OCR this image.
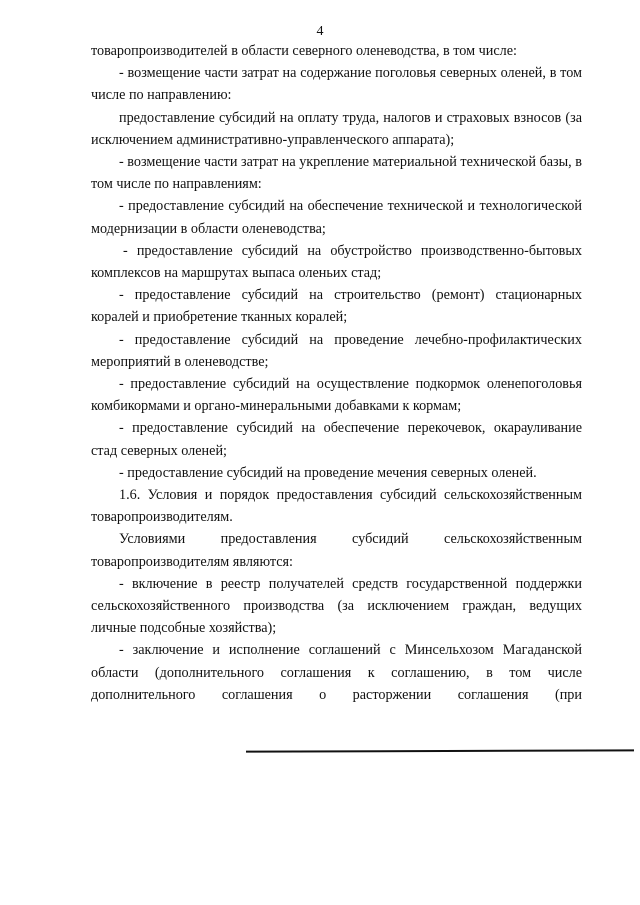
4

товаропроизводителей в области северного оленеводства, в том числе:

- возмещение части затрат на содержание поголовья северных оленей, в том числе по направлению:

предоставление субсидий на оплату труда, налогов и страховых взносов (за исключением административно-управленческого аппарата);

- возмещение части затрат на укрепление материальной технической базы, в том числе по направлениям:

- предоставление субсидий на обеспечение технической и технологической модернизации в области оленеводства;

- предоставление субсидий на обустройство производственно-бытовых комплексов на маршрутах выпаса оленьих стад;

- предоставление субсидий на строительство (ремонт) стационарных коралей и приобретение тканных коралей;

- предоставление субсидий на проведение лечебно-профилактических мероприятий в оленеводстве;

- предоставление субсидий на осуществление подкормок оленепоголовья комбикормами и органо-минеральными добавками к кормам;

- предоставление субсидий на обеспечение перекочевок, окарауливание стад северных оленей;

- предоставление субсидий на проведение мечения северных оленей.

1.6. Условия и порядок предоставления субсидий сельскохозяйственным товаропроизводителям.

Условиями предоставления субсидий сельскохозяйственным товаропроизводителям являются:

- включение в реестр получателей средств государственной поддержки сельскохозяйственного производства (за исключением граждан, ведущих личные подсобные хозяйства);

- заключение и исполнение соглашений с Минсельхозом Магаданской области (дополнительного соглашения к соглашению, в том числе дополнительного соглашения о расторжении соглашения (при
